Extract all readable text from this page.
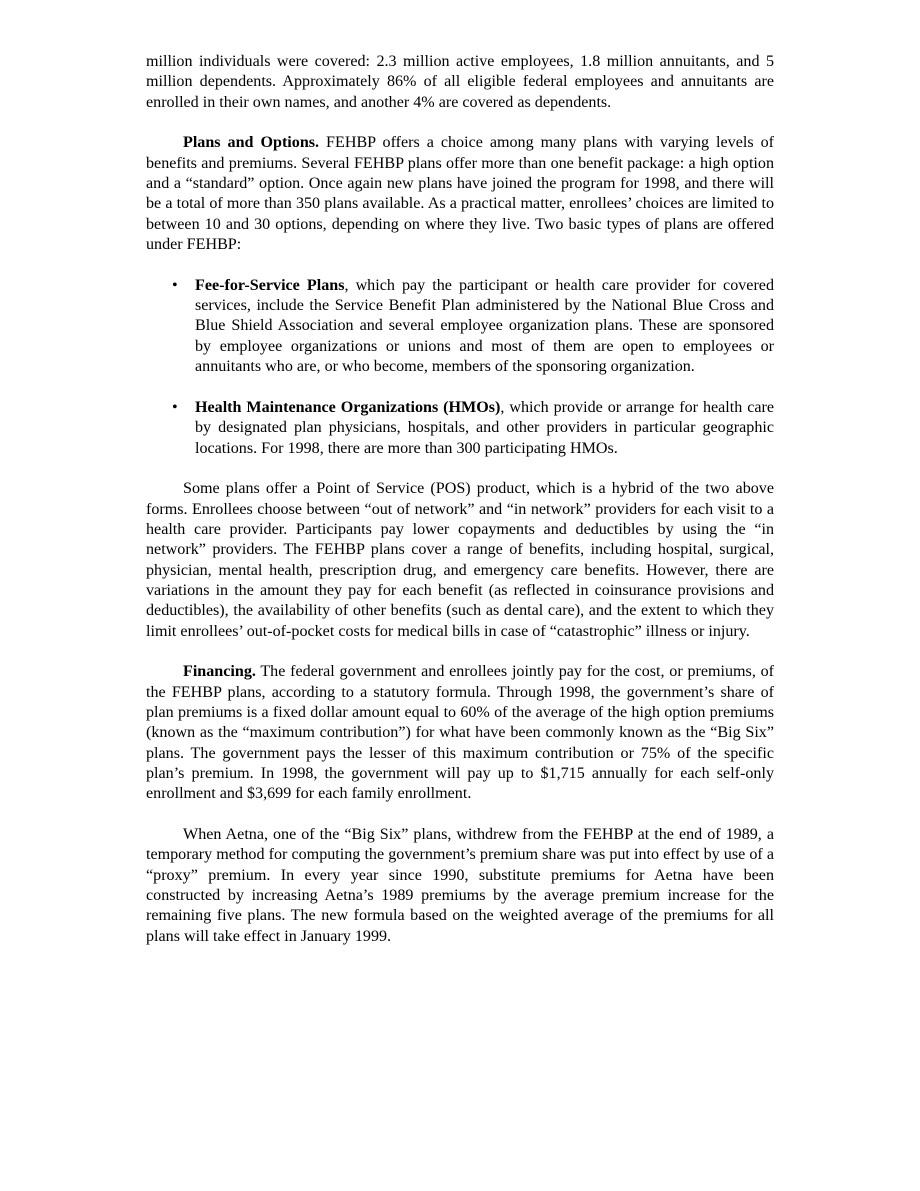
million individuals were covered: 2.3 million active employees, 1.8 million annuitants, and 5 million dependents. Approximately 86% of all eligible federal employees and annuitants are enrolled in their own names, and another 4% are covered as dependents.

Plans and Options. FEHBP offers a choice among many plans with varying levels of benefits and premiums. Several FEHBP plans offer more than one benefit package: a high option and a “standard” option. Once again new plans have joined the program for 1998, and there will be a total of more than 350 plans available. As a practical matter, enrollees’ choices are limited to between 10 and 30 options, depending on where they live. Two basic types of plans are offered under FEHBP:

• Fee-for-Service Plans, which pay the participant or health care provider for covered services, include the Service Benefit Plan administered by the National Blue Cross and Blue Shield Association and several employee organization plans. These are sponsored by employee organizations or unions and most of them are open to employees or annuitants who are, or who become, members of the sponsoring organization.
• Health Maintenance Organizations (HMOs), which provide or arrange for health care by designated plan physicians, hospitals, and other providers in particular geographic locations. For 1998, there are more than 300 participating HMOs.

Some plans offer a Point of Service (POS) product, which is a hybrid of the two above forms. Enrollees choose between “out of network” and “in network” providers for each visit to a health care provider. Participants pay lower copayments and deductibles by using the “in network” providers. The FEHBP plans cover a range of benefits, including hospital, surgical, physician, mental health, prescription drug, and emergency care benefits. However, there are variations in the amount they pay for each benefit (as reflected in coinsurance provisions and deductibles), the availability of other benefits (such as dental care), and the extent to which they limit enrollees’ out-of-pocket costs for medical bills in case of “catastrophic” illness or injury.

Financing. The federal government and enrollees jointly pay for the cost, or premiums, of the FEHBP plans, according to a statutory formula. Through 1998, the government’s share of plan premiums is a fixed dollar amount equal to 60% of the average of the high option premiums (known as the “maximum contribution”) for what have been commonly known as the “Big Six” plans. The government pays the lesser of this maximum contribution or 75% of the specific plan’s premium. In 1998, the government will pay up to $1,715 annually for each self-only enrollment and $3,699 for each family enrollment.

When Aetna, one of the “Big Six” plans, withdrew from the FEHBP at the end of 1989, a temporary method for computing the government’s premium share was put into effect by use of a “proxy” premium. In every year since 1990, substitute premiums for Aetna have been constructed by increasing Aetna’s 1989 premiums by the average premium increase for the remaining five plans. The new formula based on the weighted average of the premiums for all plans will take effect in January 1999.
